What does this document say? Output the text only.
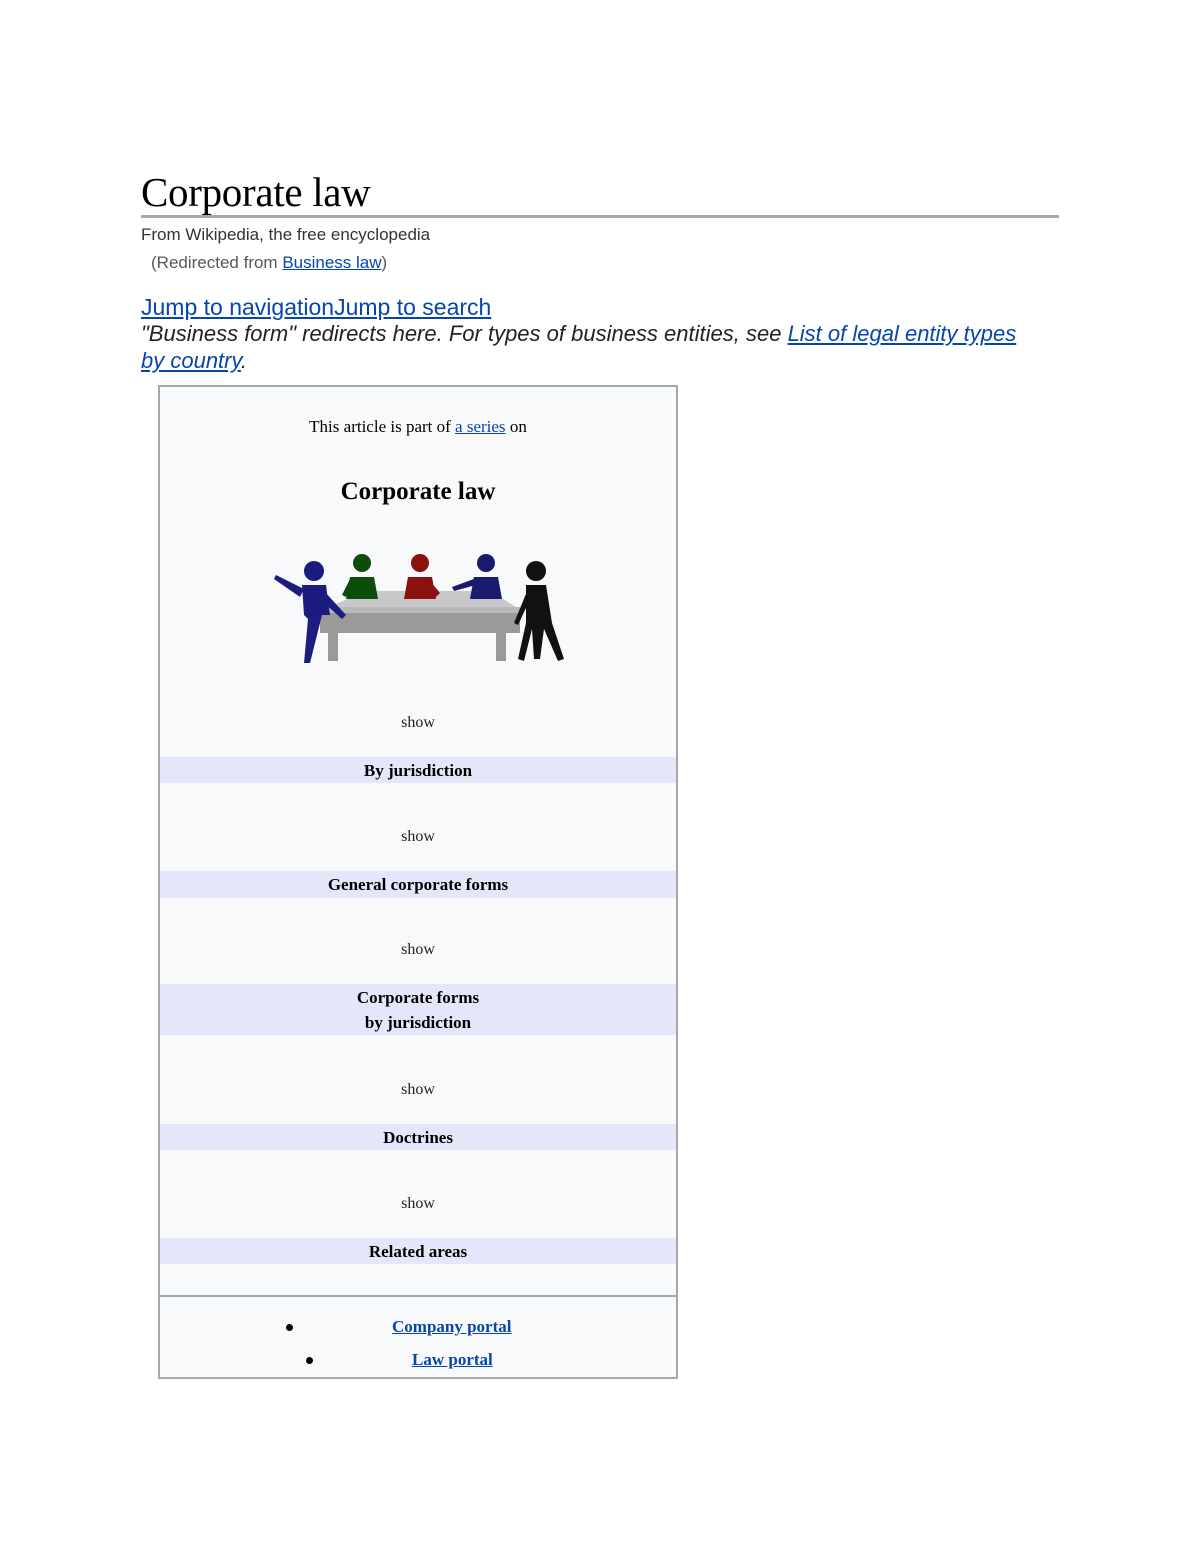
Corporate law
From Wikipedia, the free encyclopedia
(Redirected from Business law)
Jump to navigationJump to search
"Business form" redirects here. For types of business entities, see List of legal entity types by country.
This article is part of a series on
Corporate law
show
By jurisdiction
show
General corporate forms
show
Corporate forms
by jurisdiction
show
Doctrines
show
Related areas
Company portal
Law portal
